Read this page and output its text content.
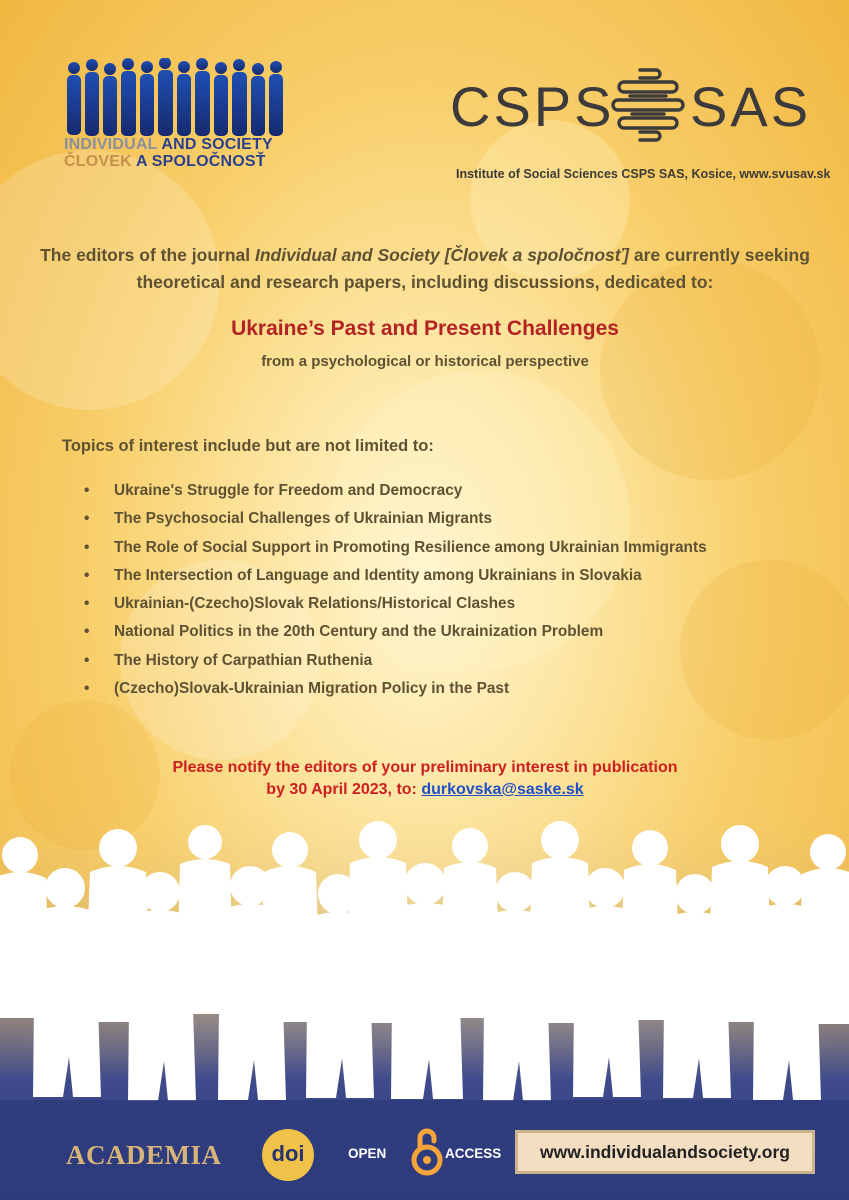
INDIVIDUAL AND SOCIETY
ČLOVEK A SPOLOČNOSŤ
CSPS SAS
Institute of Social Sciences CSPS SAS, Kosice, www.svusav.sk
The editors of the journal Individual and Society [Človek a spoločnosť] are currently seeking theoretical and research papers, including discussions, dedicated to:
Ukraine’s Past and Present Challenges
from a psychological or historical perspective
Topics of interest include but are not limited to:
• Ukraine's Struggle for Freedom and Democracy
• The Psychosocial Challenges of Ukrainian Migrants
• The Role of Social Support in Promoting Resilience among Ukrainian Immigrants
• The Intersection of Language and Identity among Ukrainians in Slovakia
• Ukrainian-(Czecho)Slovak Relations/Historical Clashes
• National Politics in the 20th Century and the Ukrainization Problem
• The History of Carpathian Ruthenia
• (Czecho)Slovak-Ukrainian Migration Policy in the Past
Please notify the editors of your preliminary interest in publication
by 30 April 2023, to: durkovska@saske.sk
ACADEMIA	doi	OPEN	ACCESS	www.individualandsociety.org
